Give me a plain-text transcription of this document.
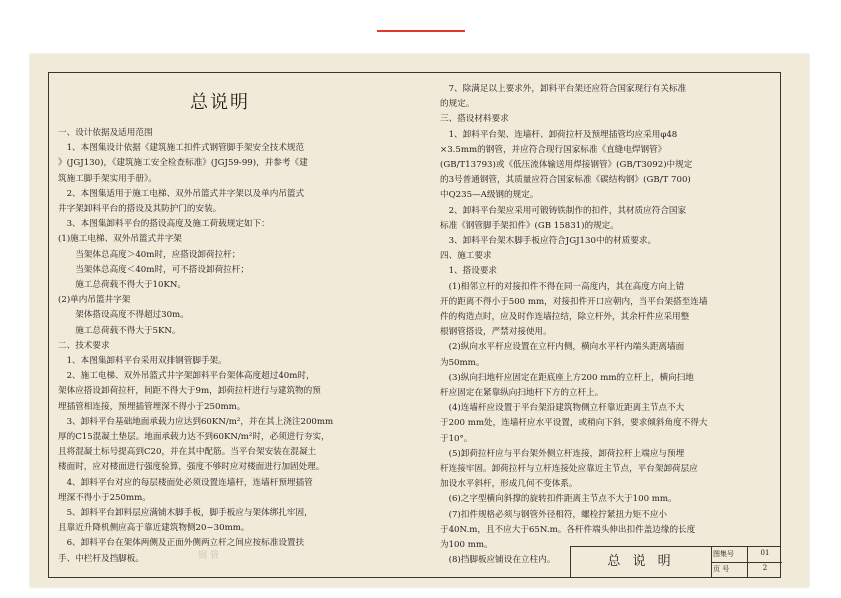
钢 管
总说明
一、设计依据及适用范围
　1、本图集设计依据《建筑施工扣件式钢管脚手架安全技术规范
》(JGJ130)，《建筑施工安全检查标准》(JGJ59-99)，并参考《建
筑施工脚手架实用手册》。
　2、本图集适用于施工电梯、双外吊篮式井字架以及单内吊篮式
井字架卸料平台的搭设及其防护门的安装。
　3、本图集卸料平台的搭设高度及施工荷载规定如下：
(1)施工电梯、双外吊篮式井字架
　　当架体总高度＞40m时，应搭设卸荷拉杆；
　　当架体总高度＜40m时，可不搭设卸荷拉杆；
　　施工总荷载不得大于10KN。
(2)单内吊篮井字架
　　架体搭设高度不得超过30m。
　　施工总荷载不得大于5KN。
二、技术要求
　1、本图集卸料平台采用双排钢管脚手架。
　2、施工电梯、双外吊篮式井字架卸料平台架体高度超过40m时，
架体应搭设卸荷拉杆，间距不得大于9m，卸荷拉杆进行与建筑物的预
埋插管相连接，预埋插管埋深不得小于250mm。
　3、卸料平台基础地面承载力应达到60KN/m²，并在其上浇注200mm
厚的C15混凝土垫层。地面承载力达不到60KN/m²时，必须进行夯实，
且将混凝土标号提高到C20，并在其中配筋。当平台架安装在混凝土
楼面时，应对楼面进行强度验算，强度不够时应对楼面进行加固处理。
　4、卸料平台对应的每层楼面处必须设置连墙杆，连墙杆预埋插管
埋深不得小于250mm。
　5、卸料平台卸料层应满铺木脚手板，脚手板应与架体绑扎牢固，
且靠近升降机侧应高于靠近建筑物侧20~30mm。
　6、卸料平台在架体两侧及正面外侧两立杆之间应按标准设置扶
手、中栏杆及挡脚板。
　7、除满足以上要求外，卸料平台架还应符合国家现行有关标准
的规定。
三、搭设材料要求
　1、卸料平台架、连墙杆、卸荷拉杆及预埋插管均应采用φ48
×3.5mm的钢管，并应符合现行国家标准《直缝电焊钢管》
(GB/T13793)或《低压流体输送用焊接钢管》(GB/T3092)中规定
的3号普通钢管，其质量应符合国家标准《碳结构钢》(GB/T 700)
中Q235—A级钢的规定。
　2、卸料平台架应采用可锻铸铁制作的扣件，其材质应符合国家
标准《钢管脚手架扣件》(GB 15831)的规定。
　3、卸料平台架木脚手板应符合JGJ130中的材质要求。
四、施工要求
　1、搭设要求
　(1)相邻立杆的对接扣件不得在同一高度内，其在高度方向上错
开的距离不得小于500 mm，对接扣件开口应朝内，当平台架搭至连墙
件的构造点时，应及时作连墙拉结，除立杆外，其余杆件应采用整
根钢管搭设，严禁对接使用。
　(2)纵向水平杆应设置在立杆内侧，横向水平杆内端头距离墙面
为50mm。
　(3)纵向扫地杆应固定在距底座上方200 mm的立杆上，横向扫地
杆应固定在紧靠纵向扫地杆下方的立杆上。
　(4)连墙杆应设置于平台架沿建筑物侧立杆靠近距离主节点不大
于200 mm处，连墙杆应水平设置，或稍向下斜，要求倾斜角度不得大
于10°。
　(5)卸荷拉杆应与平台架外侧立杆连接，卸荷拉杆上端应与预埋
杆连接牢固。卸荷拉杆与立杆连接处应靠近主节点，平台架卸荷层应
加设水平斜杆，形成几何不变体系。
　(6)之字型横向斜撑的旋转扣件距离主节点不大于100 mm。
　(7)扣件规格必须与钢管外径相符，螺栓拧紧扭力矩不应小
于40N.m，且不应大于65N.m。各杆件端头伸出扣件盖边缘的长度
为100 mm。
　(8)挡脚板应铺设在立柱内。	总 说 明	图集号	01
页 号	2
